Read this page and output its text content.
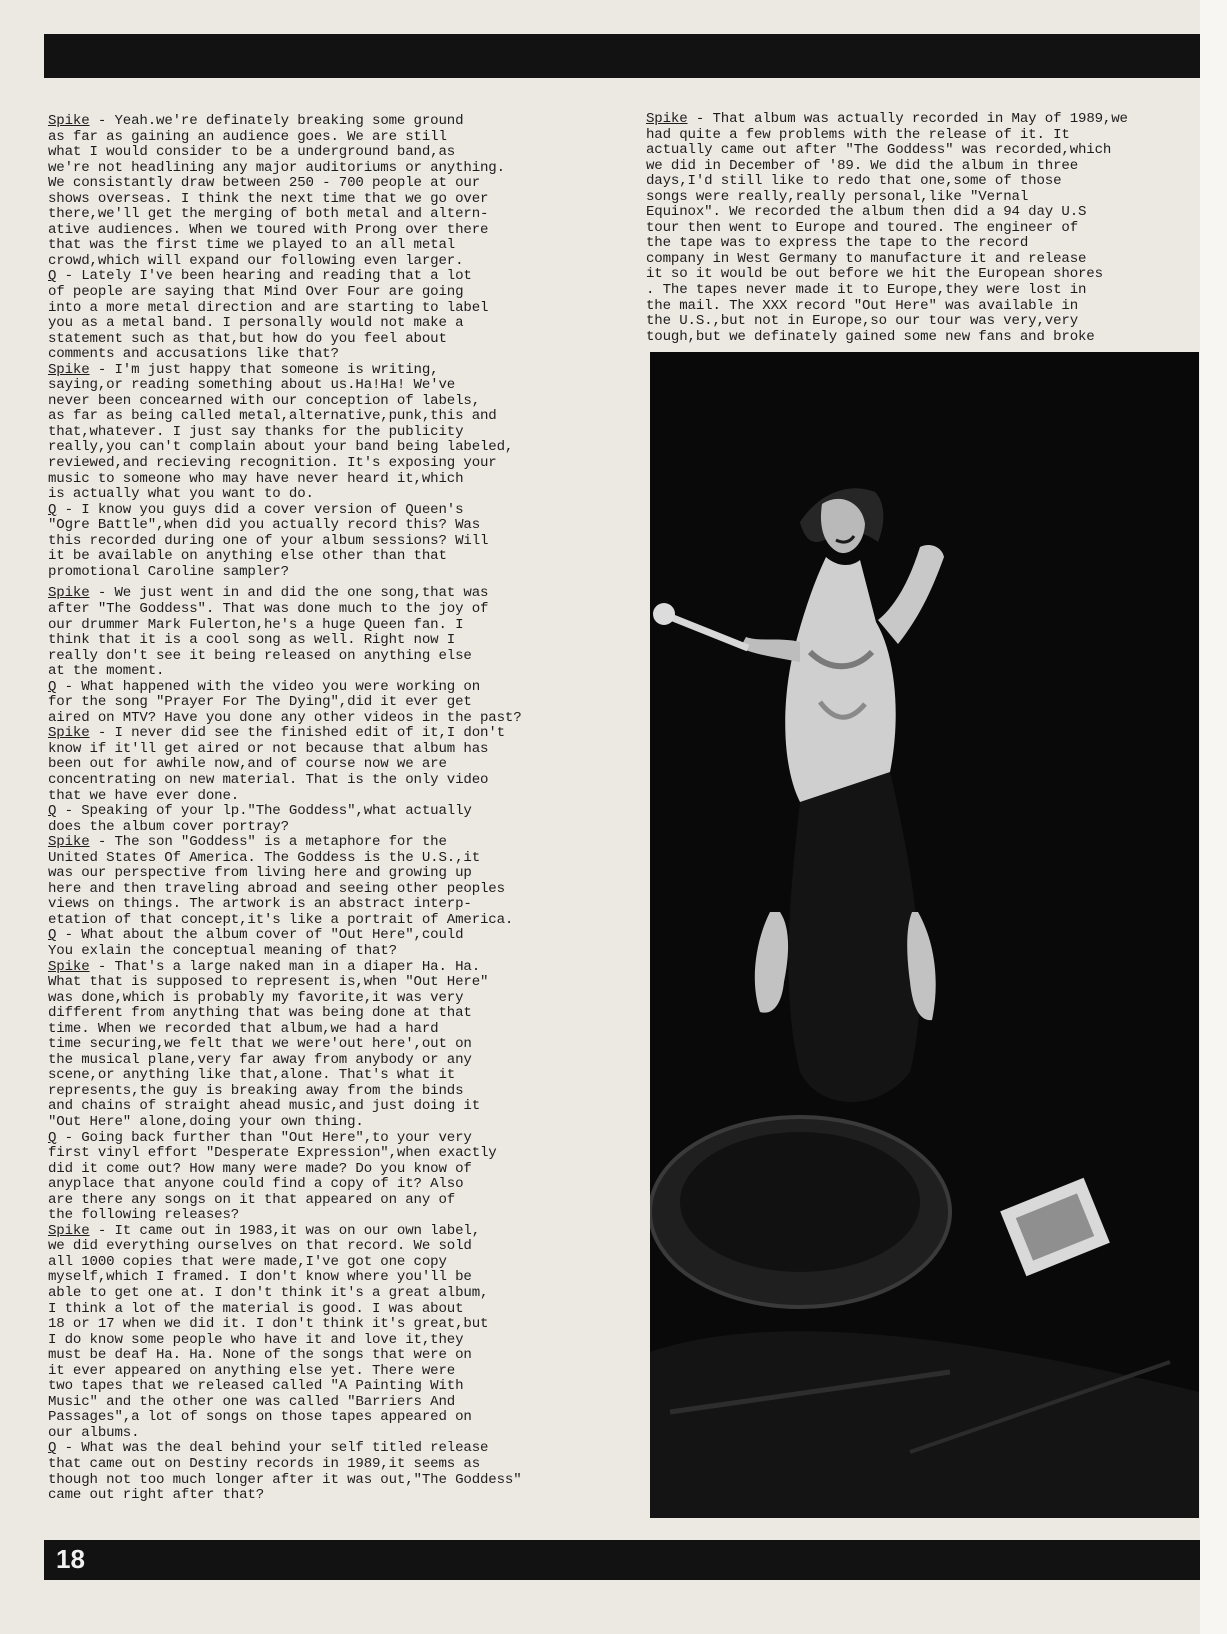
Spike - Yeah.we're definately breaking some ground
as far as gaining an audience goes. We are still
what I would consider to be a underground band,as
we're not headlining any major auditoriums or anything.
We consistantly draw between 250 - 700 people at our
shows overseas. I think the next time that we go over
there,we'll get the merging of both metal and altern-
ative audiences. When we toured with Prong over there
that was the first time we played to an all metal
crowd,which will expand our following even larger.
Q - Lately I've been hearing and reading that a lot
of people are saying that Mind Over Four are going
into a more metal direction and are starting to label
you as a metal band. I personally would not make a
statement such as that,but how do you feel about
comments and accusations like that?
Spike - I'm just happy that someone is writing,
saying,or reading something about us.Ha!Ha! We've
never been concearned with our conception of labels,
as far as being called metal,alternative,punk,this and
that,whatever. I just say thanks for the publicity
really,you can't complain about your band being labeled,
reviewed,and recieving recognition. It's exposing your
music to someone who may have never heard it,which
is actually what you want to do.
Q - I know you guys did a cover version of Queen's
"Ogre Battle",when did you actually record this? Was
this recorded during one of your album sessions? Will
it be available on anything else other than that
promotional Caroline sampler?
Spike - We just went in and did the one song,that was
after "The Goddess". That was done much to the joy of
our drummer Mark Fulerton,he's a huge Queen fan. I
think that it is a cool song as well. Right now I
really don't see it being released on anything else
at the moment.
Q - What happened with the video you were working on
for the song "Prayer For The Dying",did it ever get
aired on MTV? Have you done any other videos in the past?
Spike - I never did see the finished edit of it,I don't
know if it'll get aired or not because that album has
been out for awhile now,and of course now we are
concentrating on new material. That is the only video
that we have ever done.
Q - Speaking of your lp."The Goddess",what actually
does the album cover portray?
Spike - The son "Goddess" is a metaphore for the
United States Of America. The Goddess is the U.S.,it
was our perspective from living here and growing up
here and then traveling abroad and seeing other peoples
views on things. The artwork is an abstract interp-
etation of that concept,it's like a portrait of America.
Q - What about the album cover of "Out Here",could
You exlain the conceptual meaning of that?
Spike - That's a large naked man in a diaper Ha. Ha.
What that is supposed to represent is,when "Out Here"
was done,which is probably my favorite,it was very
different from anything that was being done at that
time. When we recorded that album,we had a hard
time securing,we felt that we were'out here',out on
the musical plane,very far away from anybody or any
scene,or anything like that,alone. That's what it
represents,the guy is breaking away from the binds
and chains of straight ahead music,and just doing it
"Out Here" alone,doing your own thing.
Q - Going back further than "Out Here",to your very
first vinyl effort "Desperate Expression",when exactly
did it come out? How many were made? Do you know of
anyplace that anyone could find a copy of it? Also
are there any songs on it that appeared on any of
the following releases?
Spike - It came out in 1983,it was on our own label,
we did everything ourselves on that record. We sold
all 1000 copies that were made,I've got one copy
myself,which I framed. I don't know where you'll be
able to get one at. I don't think it's a great album,
I think a lot of the material is good. I was about
18 or 17 when we did it. I don't think it's great,but
I do know some people who have it and love it,they
must be deaf Ha. Ha. None of the songs that were on
it ever appeared on anything else yet. There were
two tapes that we released called "A Painting With
Music" and the other one was called "Barriers And
Passages",a lot of songs on those tapes appeared on
our albums.
Q - What was the deal behind your self titled release
that came out on Destiny records in 1989,it seems as
though not too much longer after it was out,"The Goddess"
came out right after that?
Spike - That album was actually recorded in May of 1989,we
had quite a few problems with the release of it. It
actually came out after "The Goddess" was recorded,which
we did in December of '89. We did the album in three
days,I'd still like to redo that one,some of those
songs were really,really personal,like "Vernal
Equinox". We recorded the album then did a 94 day U.S
tour then went to Europe and toured. The engineer of
the tape was to express the tape to the record
company in West Germany to manufacture it and release
it so it would be out before we hit the European shores
. The tapes never made it to Europe,they were lost in
the mail. The XXX record "Out Here" was available in
the U.S.,but not in Europe,so our tour was very,very
tough,but we definately gained some new fans and broke
18
